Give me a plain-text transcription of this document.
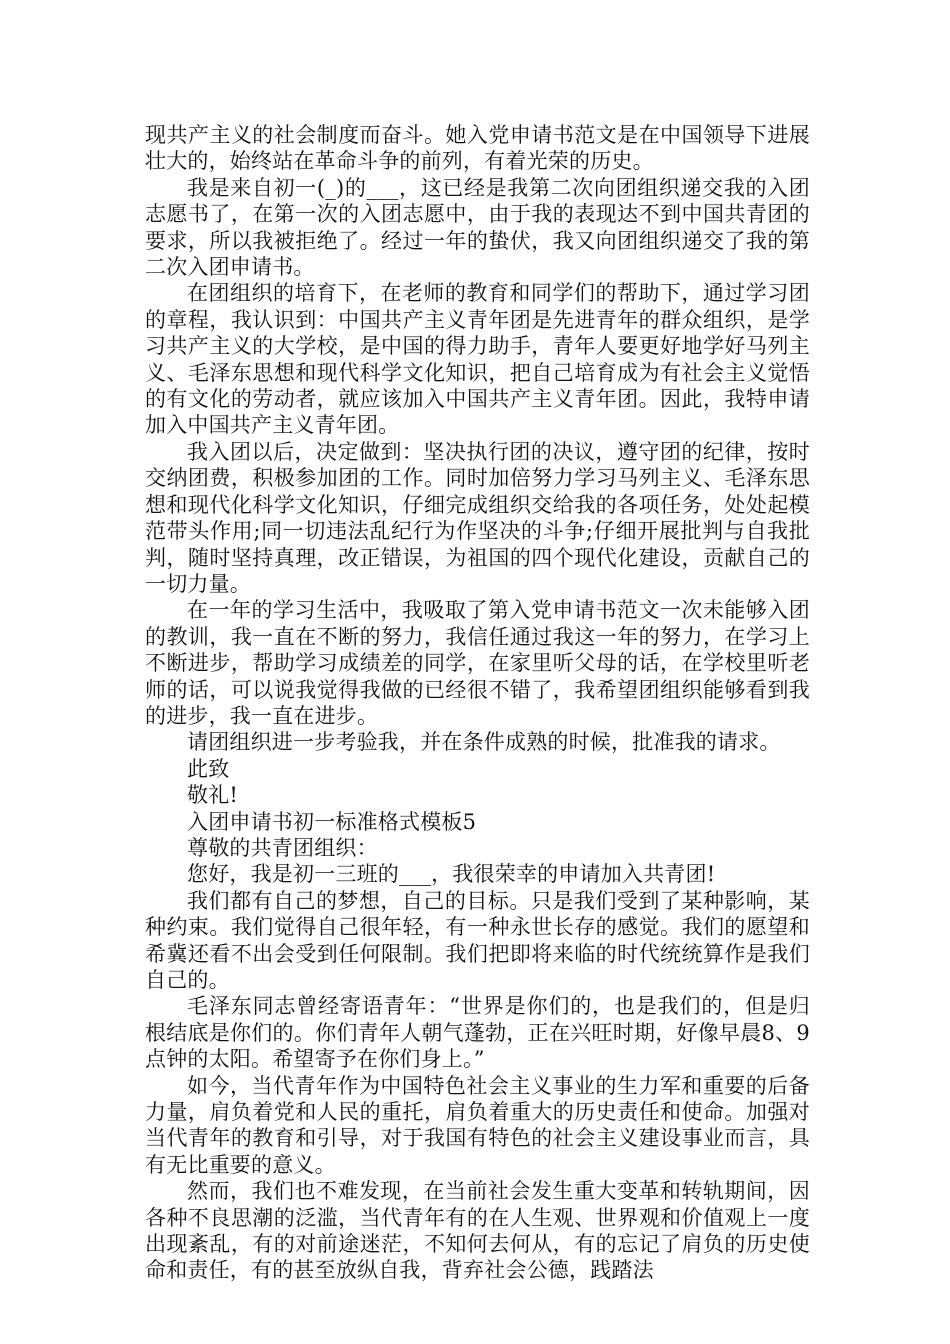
现共产主义的社会制度而奋斗。她入党申请书范文是在中国领导下进展壮大的，始终站在革命斗争的前列，有着光荣的历史。

我是来自初一(_)的___，这已经是我第二次向团组织递交我的入团志愿书了，在第一次的入团志愿中，由于我的表现达不到中国共青团的要求，所以我被拒绝了。经过一年的蛰伏，我又向团组织递交了我的第二次入团申请书。

在团组织的培育下，在老师的教育和同学们的帮助下，通过学习团的章程，我认识到：中国共产主义青年团是先进青年的群众组织，是学习共产主义的大学校，是中国的得力助手，青年人要更好地学好马列主义、毛泽东思想和现代科学文化知识，把自己培育成为有社会主义觉悟的有文化的劳动者，就应该加入中国共产主义青年团。因此，我特申请加入中国共产主义青年团。

我入团以后，决定做到：坚决执行团的决议，遵守团的纪律，按时交纳团费，积极参加团的工作。同时加倍努力学习马列主义、毛泽东思想和现代化科学文化知识，仔细完成组织交给我的各项任务，处处起模范带头作用;同一切违法乱纪行为作坚决的斗争;仔细开展批判与自我批判，随时坚持真理，改正错误，为祖国的四个现代化建设，贡献自己的一切力量。

在一年的学习生活中，我吸取了第入党申请书范文一次未能够入团的教训，我一直在不断的努力，我信任通过我这一年的努力，在学习上不断进步，帮助学习成绩差的同学，在家里听父母的话，在学校里听老师的话，可以说我觉得我做的已经很不错了，我希望团组织能够看到我的进步，我一直在进步。

请团组织进一步考验我，并在条件成熟的时候，批准我的请求。

此致

敬礼!

入团申请书初一标准格式模板5

尊敬的共青团组织：

您好，我是初一三班的___，我很荣幸的申请加入共青团!

我们都有自己的梦想，自己的目标。只是我们受到了某种影响，某种约束。我们觉得自己很年轻，有一种永世长存的感觉。我们的愿望和希冀还看不出会受到任何限制。我们把即将来临的时代统统算作是我们自己的。

毛泽东同志曾经寄语青年：“世界是你们的，也是我们的，但是归根结底是你们的。你们青年人朝气蓬勃，正在兴旺时期，好像早晨8、9点钟的太阳。希望寄予在你们身上。”

如今，当代青年作为中国特色社会主义事业的生力军和重要的后备力量，肩负着党和人民的重托，肩负着重大的历史责任和使命。加强对当代青年的教育和引导，对于我国有特色的社会主义建设事业而言，具有无比重要的意义。

然而，我们也不难发现，在当前社会发生重大变革和转轨期间，因各种不良思潮的泛滥，当代青年有的在人生观、世界观和价值观上一度出现紊乱，有的对前途迷茫，不知何去何从，有的忘记了肩负的历史使命和责任，有的甚至放纵自我，背弃社会公德，践踏法
